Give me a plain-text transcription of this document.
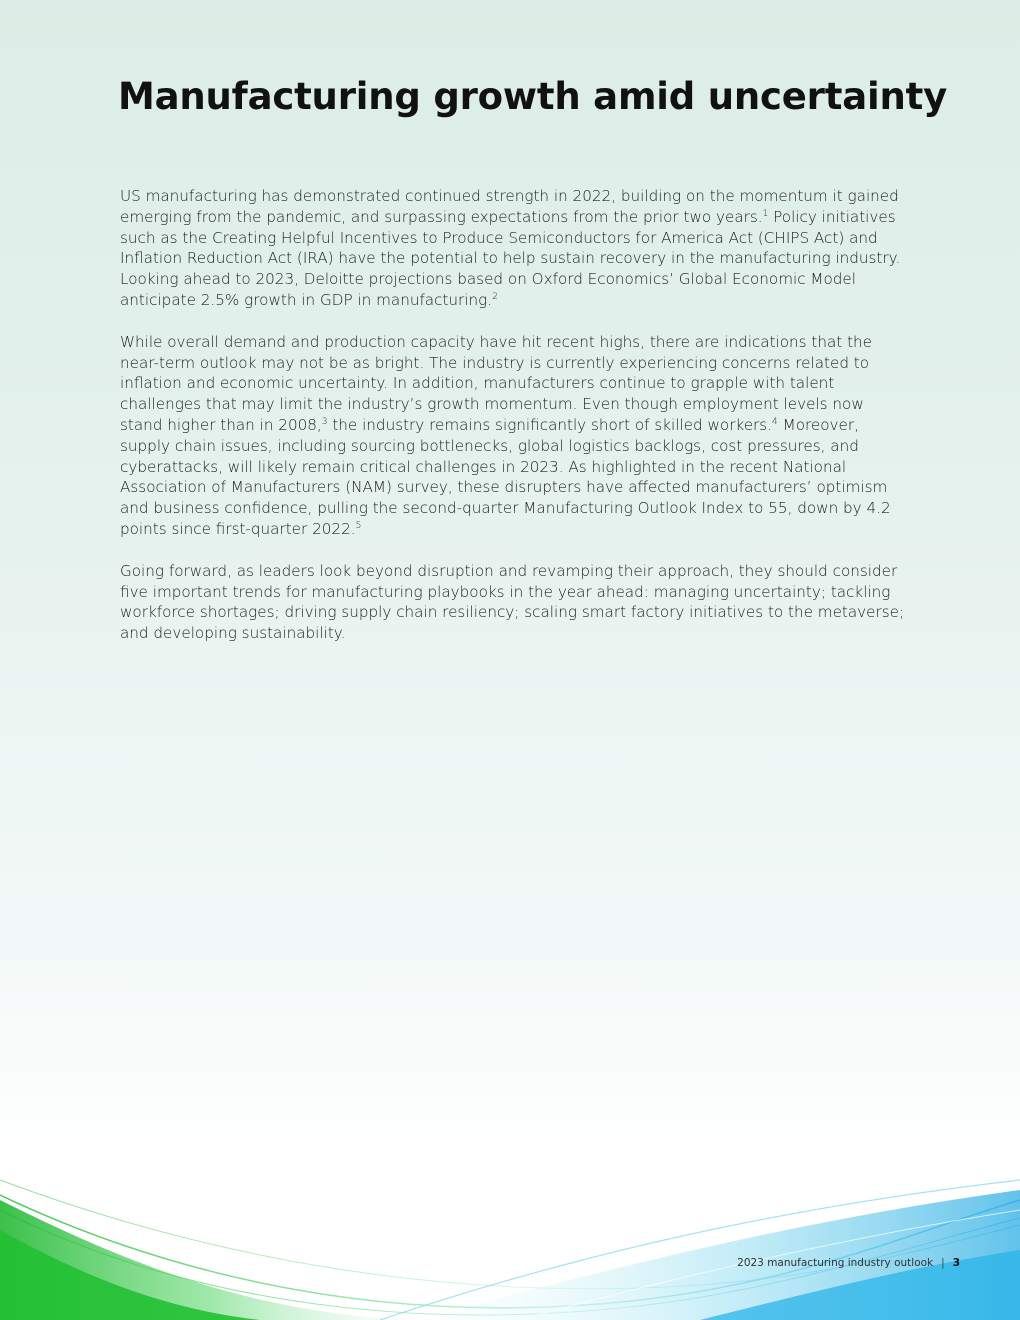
Manufacturing growth amid uncertainty

US manufacturing has demonstrated continued strength in 2022, building on the momentum it gained emerging from the pandemic, and surpassing expectations from the prior two years.$^1$ Policy initiatives such as the Creating Helpful Incentives to Produce Semiconductors for America Act (CHIPS Act) and Inflation Reduction Act (IRA) have the potential to help sustain recovery in the manufacturing industry. Looking ahead to 2023, Deloitte projections based on Oxford Economics’ Global Economic Model anticipate 2.5% growth in GDP in manufacturing.$^2$

While overall demand and production capacity have hit recent highs, there are indications that the near-term outlook may not be as bright. The industry is currently experiencing concerns related to inflation and economic uncertainty. In addition, manufacturers continue to grapple with talent challenges that may limit the industry’s growth momentum. Even though employment levels now stand higher than in 2008,$^3$ the industry remains significantly short of skilled workers.$^4$ Moreover, supply chain issues, including sourcing bottlenecks, global logistics backlogs, cost pressures, and cyberattacks, will likely remain critical challenges in 2023. As highlighted in the recent National Association of Manufacturers (NAM) survey, these disrupters have affected manufacturers’ optimism and business confidence, pulling the second-quarter Manufacturing Outlook Index to 55, down by 4.2 points since first-quarter 2022.$^5$

Going forward, as leaders look beyond disruption and revamping their approach, they should consider five important trends for manufacturing playbooks in the year ahead: managing uncertainty; tackling workforce shortages; driving supply chain resiliency; scaling smart factory initiatives to the metaverse; and developing sustainability.

2023 manufacturing industry outlook | 3
